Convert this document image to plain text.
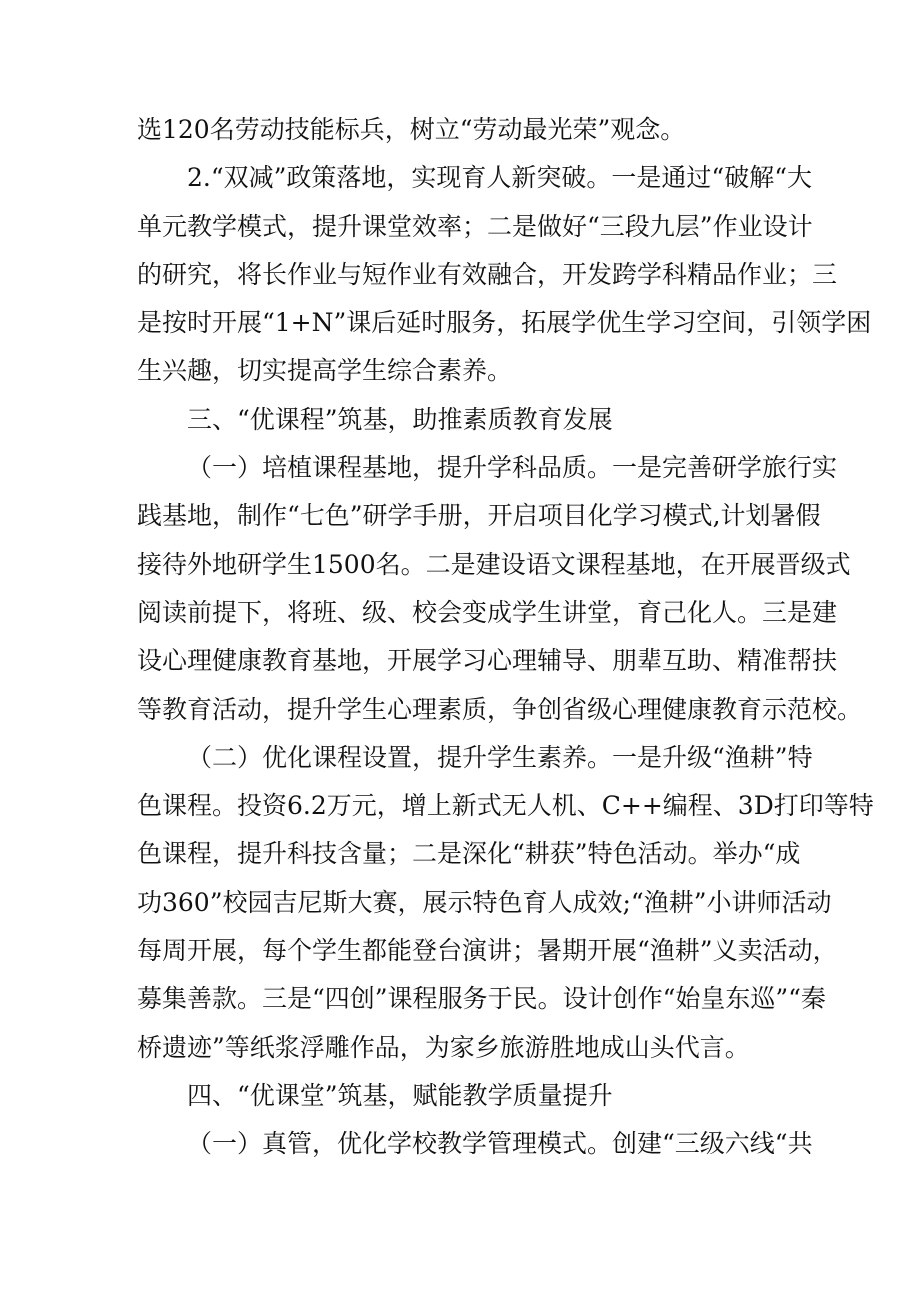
选120名劳动技能标兵，树立“劳动最光荣”观念。
2.“双减”政策落地，实现育人新突破。一是通过“破解“大
单元教学模式，提升课堂效率；二是做好“三段九层”作业设计
的研究，将长作业与短作业有效融合，开发跨学科精品作业；三
是按时开展“1+N”课后延时服务，拓展学优生学习空间，引领学困
生兴趣，切实提高学生综合素养。
三、“优课程”筑基，助推素质教育发展
（一）培植课程基地，提升学科品质。一是完善研学旅行实
践基地，制作“七色”研学手册，开启项目化学习模式,计划暑假
接待外地研学生1500名。二是建设语文课程基地，在开展晋级式
阅读前提下，将班、级、校会变成学生讲堂，育己化人。三是建
设心理健康教育基地，开展学习心理辅导、朋辈互助、精准帮扶
等教育活动，提升学生心理素质，争创省级心理健康教育示范校。
（二）优化课程设置，提升学生素养。一是升级“渔耕”特
色课程。投资6.2万元，增上新式无人机、C++编程、3D打印等特
色课程，提升科技含量；二是深化“耕获”特色活动。举办“成
功360”校园吉尼斯大赛，展示特色育人成效;“渔耕”小讲师活动
每周开展，每个学生都能登台演讲；暑期开展“渔耕”义卖活动，
募集善款。三是“四创”课程服务于民。设计创作“始皇东巡”“秦
桥遗迹”等纸浆浮雕作品，为家乡旅游胜地成山头代言。
四、“优课堂”筑基，赋能教学质量提升
（一）真管，优化学校教学管理模式。创建“三级六线“共
